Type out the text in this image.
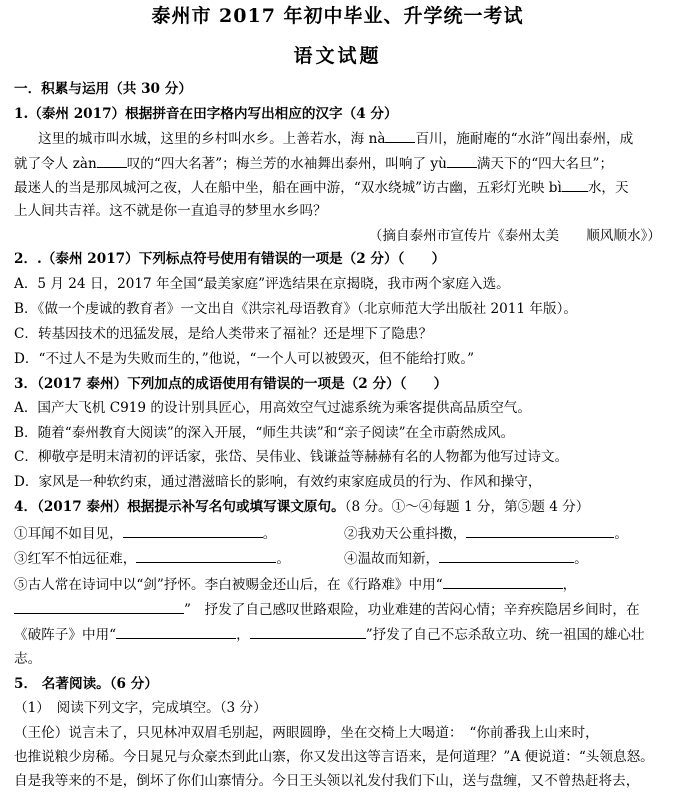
泰州市 2017 年初中毕业、升学统一考试
语文试题
一．积累与运用（共 30 分）
1.（泰州 2017）根据拼音在田字格内写出相应的汉字（4 分）
这里的城市叫水城，这里的乡村叫水乡。上善若水，海 nà 百川，施耐庵的“水浒”闯出泰州，成
就了令人 zàn 叹的“四大名著”；梅兰芳的水袖舞出泰州，叫响了 yù 满天下的“四大名旦”；
最迷人的当是那凤城河之夜，人在船中坐，船在画中游，“双水绕城”访古幽，五彩灯光映 bì 水，天
上人间共吉祥。这不就是你一直追寻的梦里水乡吗？
（摘自泰州市宣传片《泰州太美　　顺风顺水》）
2．.（泰州 2017）下列标点符号使用有错误的一项是（2 分）（　　）
A．5 月 24 日，2017 年全国“最美家庭”评选结果在京揭晓，我市两个家庭入选。
B．《做一个虔诚的教育者》一文出自《洪宗礼母语教育》（北京师范大学出版社 2011 年版）。
C．转基因技术的迅猛发展，是给人类带来了福祉？还是埋下了隐患？
D．“不过人不是为失败而生的，”他说，“一个人可以被毁灭，但不能给打败。”
3．（2017 泰州）下列加点的成语使用有错误的一项是（2 分）（　　）
A．国产大飞机 C919 的设计别具匠心，用高效空气过滤系统为乘客提供高品质空气。
B．随着“泰州教育大阅读”的深入开展，“师生共读”和“亲子阅读”在全市蔚然成风。
C．柳敬亭是明末清初的评话家，张岱、吴伟业、钱谦益等赫赫有名的人物都为他写过诗文。
D．家风是一种软约束，通过潜滋暗长的影响，有效约束家庭成员的行为、作风和操守，
4．（2017 泰州）根据提示补写名句或填写课文原句。（8 分。①～④每题 1 分，第⑤题 4 分）
①耳闻不如目见，	。	②我劝天公重抖擞，	。
③红军不怕远征难，	。	④温故而知新，	。
⑤古人常在诗词中以“剑”抒怀。李白被赐金还山后，在《行路难》中用“	，
”　抒发了自己感叹世路艰险，功业难建的苦闷心情；辛弃疾隐居乡间时，在
《破阵子》中用“	，	”抒发了自己不忘杀敌立功、统一祖国的雄心壮
志。
5． 名著阅读。（6 分）
（1）　阅读下列文字，完成填空。（3 分）
（王伦）说言未了，只见林冲双眉毛别起，两眼圆睁，坐在交椅上大喝道：　“你前番我上山来时，
也推说粮少房稀。今日晁兄与众豪杰到此山寨，你又发出这等言语来，是何道理？”A 便说道：“头领息怒。
自是我等来的不是，倒坏了你们山寨情分。今日王头领以礼发付我们下山，送与盘缠，又不曾热赶将去，
